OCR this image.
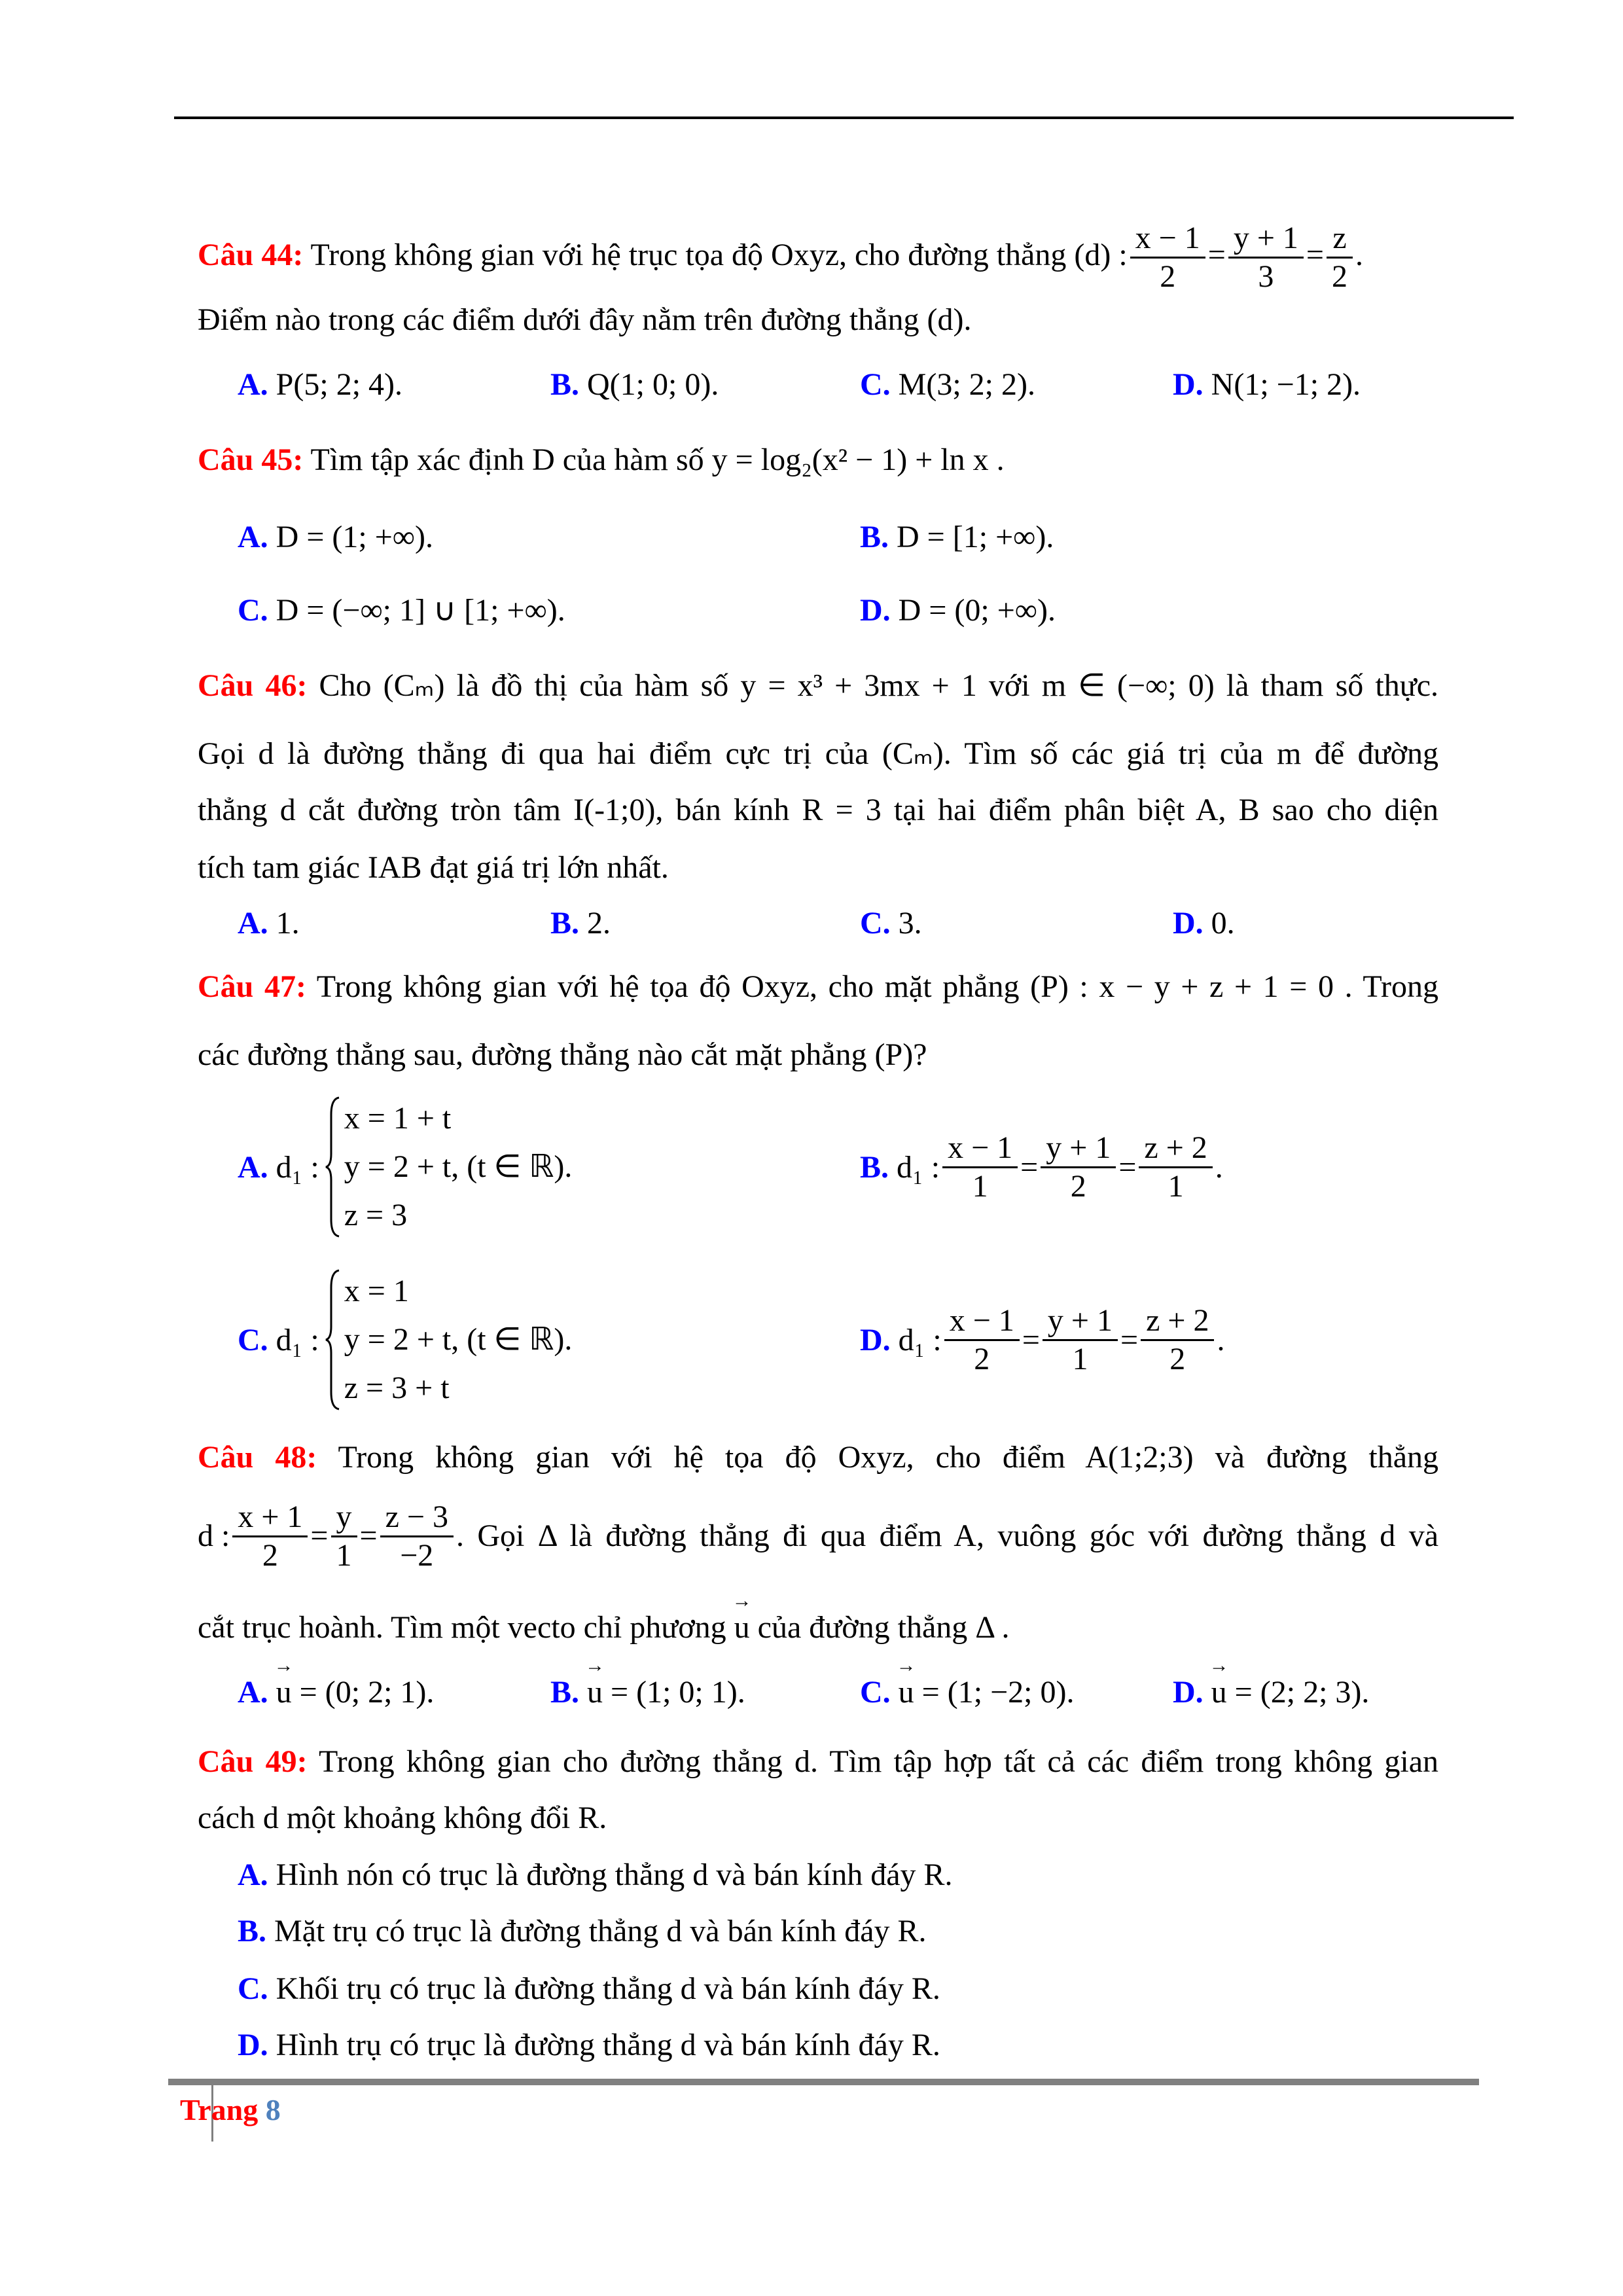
Câu 44: Trong không gian với hệ trục tọa độ Oxyz, cho đường thẳng (d) : $\frac{x - 1}{2} = \frac{y + 1}{3} = \frac{z}{2}$ .
Điểm nào trong các điểm dưới đây nằm trên đường thẳng (d).
A. P(5; 2; 4).	B. Q(1; 0; 0).	C. M(3; 2; 2).	D. N(1; −1; 2).
Câu 45: Tìm tập xác định D của hàm số y = log₂(x² − 1) + ln x .
A. D = (1; +∞).	B. D = [1; +∞).
C. D = (−∞; 1] ∪ [1; +∞).	D. D = (0; +∞).
Câu 46: Cho (Cₘ) là đồ thị của hàm số y = x³ + 3mx + 1 với m ∈ (−∞; 0) là tham số thực.
Gọi d là đường thẳng đi qua hai điểm cực trị của (Cₘ). Tìm số các giá trị của m để đường
thẳng d cắt đường tròn tâm I(-1;0), bán kính R = 3 tại hai điểm phân biệt A, B sao cho diện
tích tam giác IAB đạt giá trị lớn nhất.
A. 1.	B. 2.	C. 3.	D. 0.
Câu 47: Trong không gian với hệ tọa độ Oxyz, cho mặt phẳng (P) : x − y + z + 1 = 0 . Trong
các đường thẳng sau, đường thẳng nào cắt mặt phẳng (P)?
A.
d₁ :
x = 1 + t
y = 2 + t, (t ∈ ℝ).
z = 3
B.
d₁ : $\frac{x - 1}{1} = \frac{y + 1}{2} = \frac{z + 2}{1}$ .
C.
d₁ :
x = 1
y = 2 + t, (t ∈ ℝ).
z = 3 + t
D.
d₁ : $\frac{x - 1}{2} = \frac{y + 1}{1} = \frac{z + 2}{2}$ .
Câu 48: Trong không gian với hệ tọa độ Oxyz, cho điểm A(1;2;3) và đường thẳng
d : $\frac{x + 1}{2} = \frac{y}{1} = \frac{z - 3}{-2}$ . Gọi Δ là đường thẳng đi qua điểm A, vuông góc với đường thẳng d và
cắt trục hoành. Tìm một vecto chỉ phương → u của đường thẳng Δ .
A. → u = (0; 2; 1).	B. → u = (1; 0; 1).	C. → u = (1; −2; 0).	D. → u = (2; 2; 3).
Câu 49: Trong không gian cho đường thẳng d. Tìm tập hợp tất cả các điểm trong không gian
cách d một khoảng không đổi R.
A. Hình nón có trục là đường thẳng d và bán kính đáy R.
B. Mặt trụ có trục là đường thẳng d và bán kính đáy R.
C. Khối trụ có trục là đường thẳng d và bán kính đáy R.
D. Hình trụ có trục là đường thẳng d và bán kính đáy R.
Trang 8
